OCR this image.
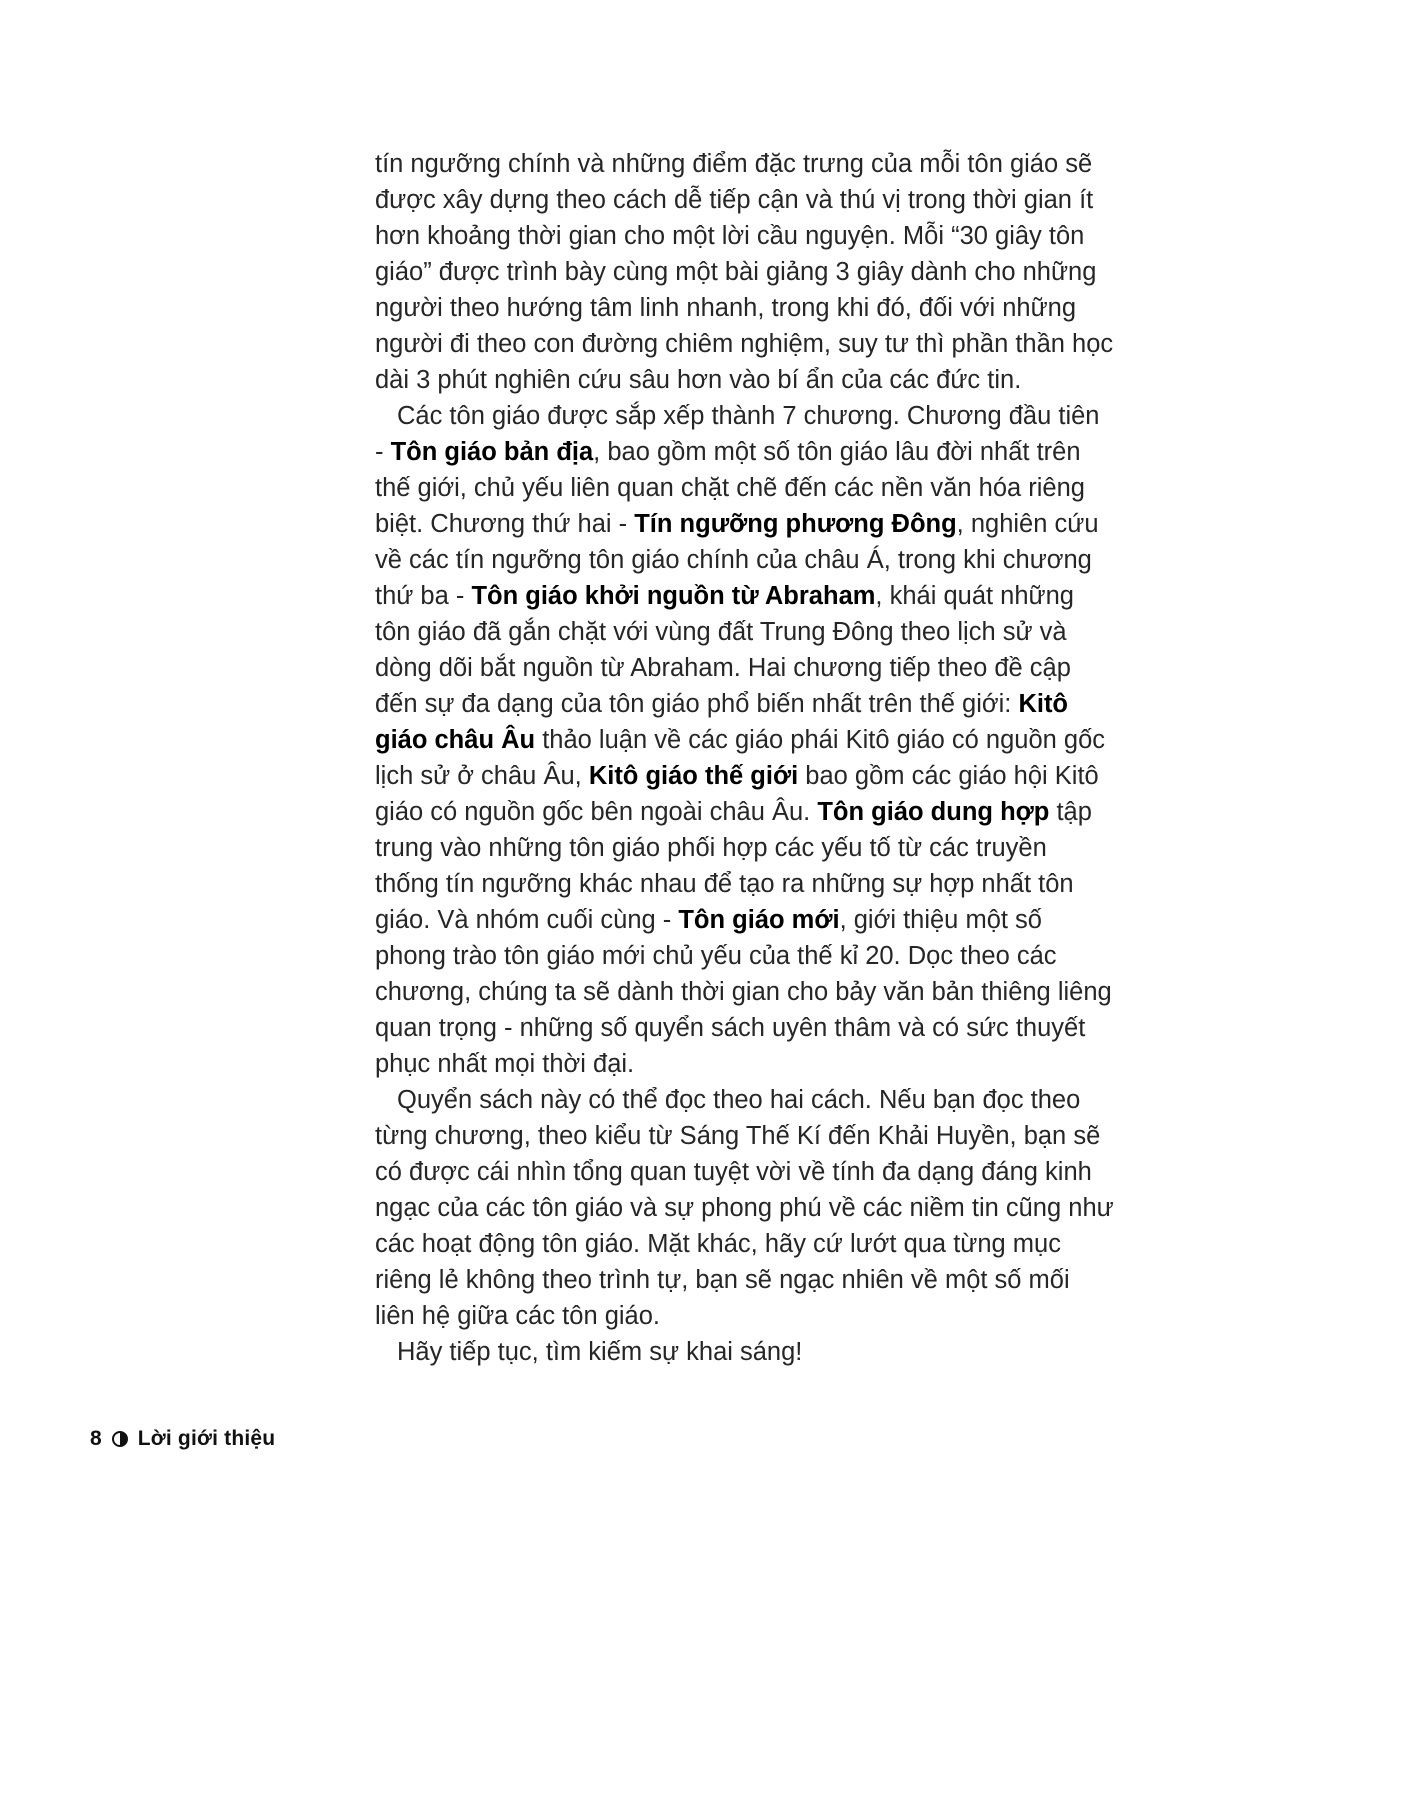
tín ngưỡng chính và những điểm đặc trưng của mỗi tôn giáo sẽ được xây dựng theo cách dễ tiếp cận và thú vị trong thời gian ít hơn khoảng thời gian cho một lời cầu nguyện. Mỗi “30 giây tôn giáo” được trình bày cùng một bài giảng 3 giây dành cho những người theo hướng tâm linh nhanh, trong khi đó, đối với những người đi theo con đường chiêm nghiệm, suy tư thì phần thần học dài 3 phút nghiên cứu sâu hơn vào bí ẩn của các đức tin.

Các tôn giáo được sắp xếp thành 7 chương. Chương đầu tiên - Tôn giáo bản địa, bao gồm một số tôn giáo lâu đời nhất trên thế giới, chủ yếu liên quan chặt chẽ đến các nền văn hóa riêng biệt. Chương thứ hai - Tín ngưỡng phương Đông, nghiên cứu về các tín ngưỡng tôn giáo chính của châu Á, trong khi chương thứ ba - Tôn giáo khởi nguồn từ Abraham, khái quát những tôn giáo đã gắn chặt với vùng đất Trung Đông theo lịch sử và dòng dõi bắt nguồn từ Abraham. Hai chương tiếp theo đề cập đến sự đa dạng của tôn giáo phổ biến nhất trên thế giới: Kitô giáo châu Âu thảo luận về các giáo phái Kitô giáo có nguồn gốc lịch sử ở châu Âu, Kitô giáo thế giới bao gồm các giáo hội Kitô giáo có nguồn gốc bên ngoài châu Âu. Tôn giáo dung hợp tập trung vào những tôn giáo phối hợp các yếu tố từ các truyền thống tín ngưỡng khác nhau để tạo ra những sự hợp nhất tôn giáo. Và nhóm cuối cùng - Tôn giáo mới, giới thiệu một số phong trào tôn giáo mới chủ yếu của thế kỉ 20. Dọc theo các chương, chúng ta sẽ dành thời gian cho bảy văn bản thiêng liêng quan trọng - những số quyển sách uyên thâm và có sức thuyết phục nhất mọi thời đại.

Quyển sách này có thể đọc theo hai cách. Nếu bạn đọc theo từng chương, theo kiểu từ Sáng Thế Kí đến Khải Huyền, bạn sẽ có được cái nhìn tổng quan tuyệt vời về tính đa dạng đáng kinh ngạc của các tôn giáo và sự phong phú về các niềm tin cũng như các hoạt động tôn giáo. Mặt khác, hãy cứ lướt qua từng mục riêng lẻ không theo trình tự, bạn sẽ ngạc nhiên về một số mối liên hệ giữa các tôn giáo.

Hãy tiếp tục, tìm kiếm sự khai sáng!

8 Lời giới thiệu
